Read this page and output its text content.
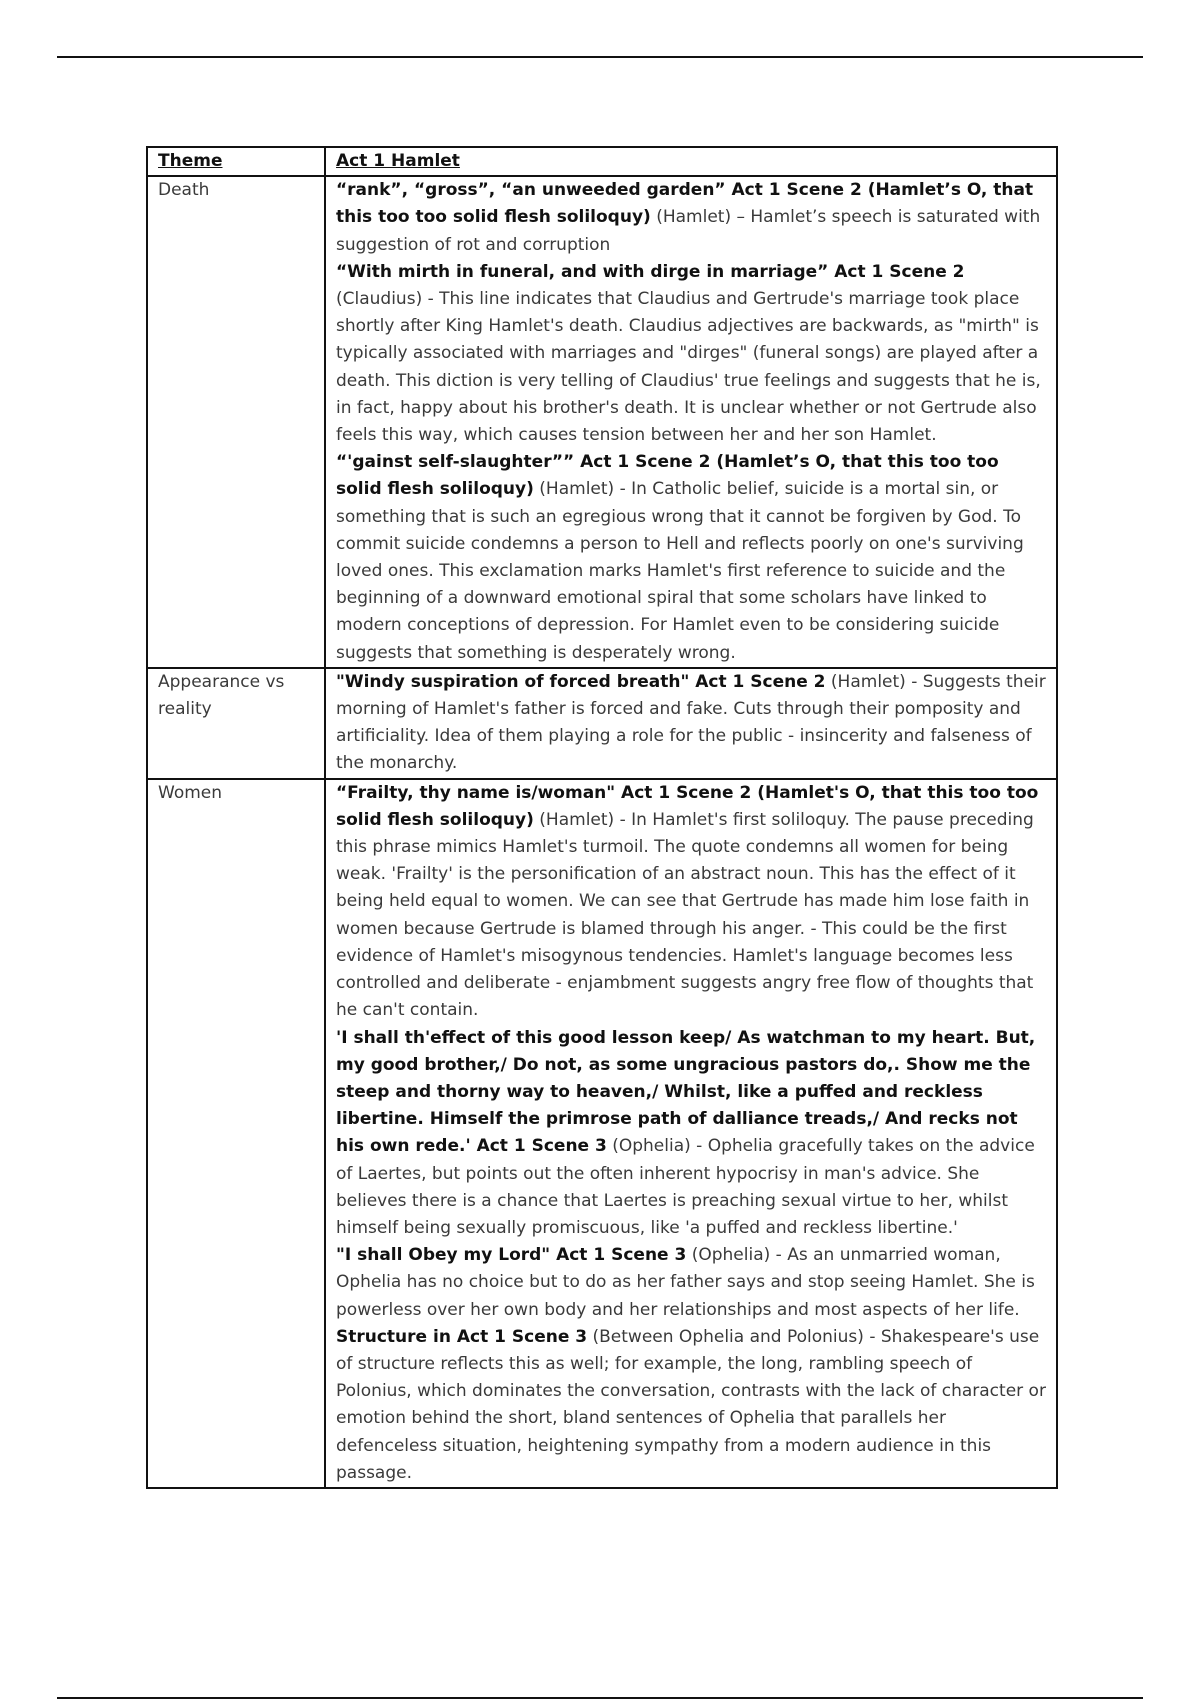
Theme	Act 1 Hamlet
Death	“rank”, “gross”, “an unweeded garden” Act 1 Scene 2 (Hamlet’s O, that this too too solid flesh soliloquy) (Hamlet) – Hamlet’s speech is saturated with suggestion of rot and corruption

“With mirth in funeral, and with dirge in marriage” Act 1 Scene 2 (Claudius) - This line indicates that Claudius and Gertrude's marriage took place shortly after King Hamlet's death. Claudius adjectives are backwards, as "mirth" is typically associated with marriages and "dirges" (funeral songs) are played after a death. This diction is very telling of Claudius' true feelings and suggests that he is, in fact, happy about his brother's death. It is unclear whether or not Gertrude also feels this way, which causes tension between her and her son Hamlet.

“'gainst self-slaughter”” Act 1 Scene 2 (Hamlet’s O, that this too too solid flesh soliloquy) (Hamlet) - In Catholic belief, suicide is a mortal sin, or something that is such an egregious wrong that it cannot be forgiven by God. To commit suicide condemns a person to Hell and reflects poorly on one's surviving loved ones. This exclamation marks Hamlet's first reference to suicide and the beginning of a downward emotional spiral that some scholars have linked to modern conceptions of depression. For Hamlet even to be considering suicide suggests that something is desperately wrong.

Appearance vs reality	"Windy suspiration of forced breath" Act 1 Scene 2 (Hamlet) - Suggests their morning of Hamlet's father is forced and fake. Cuts through their pomposity and artificiality. Idea of them playing a role for the public - insincerity and falseness of the monarchy.

Women	“Frailty, thy name is/woman" Act 1 Scene 2 (Hamlet's O, that this too too solid flesh soliloquy) (Hamlet) - In Hamlet's first soliloquy. The pause preceding this phrase mimics Hamlet's turmoil. The quote condemns all women for being weak. 'Frailty' is the personification of an abstract noun. This has the effect of it being held equal to women. We can see that Gertrude has made him lose faith in women because Gertrude is blamed through his anger. - This could be the first evidence of Hamlet's misogynous tendencies. Hamlet's language becomes less controlled and deliberate - enjambment suggests angry free flow of thoughts that he can't contain.

'I shall th'effect of this good lesson keep/ As watchman to my heart. But, my good brother,/ Do not, as some ungracious pastors do,. Show me the steep and thorny way to heaven,/ Whilst, like a puffed and reckless libertine. Himself the primrose path of dalliance treads,/ And recks not his own rede.' Act 1 Scene 3 (Ophelia) - Ophelia gracefully takes on the advice of Laertes, but points out the often inherent hypocrisy in man's advice. She believes there is a chance that Laertes is preaching sexual virtue to her, whilst himself being sexually promiscuous, like 'a puffed and reckless libertine.'

"I shall Obey my Lord" Act 1 Scene 3 (Ophelia) - As an unmarried woman, Ophelia has no choice but to do as her father says and stop seeing Hamlet. She is powerless over her own body and her relationships and most aspects of her life.

Structure in Act 1 Scene 3 (Between Ophelia and Polonius) - Shakespeare's use of structure reflects this as well; for example, the long, rambling speech of Polonius, which dominates the conversation, contrasts with the lack of character or emotion behind the short, bland sentences of Ophelia that parallels her defenceless situation, heightening sympathy from a modern audience in this passage.
